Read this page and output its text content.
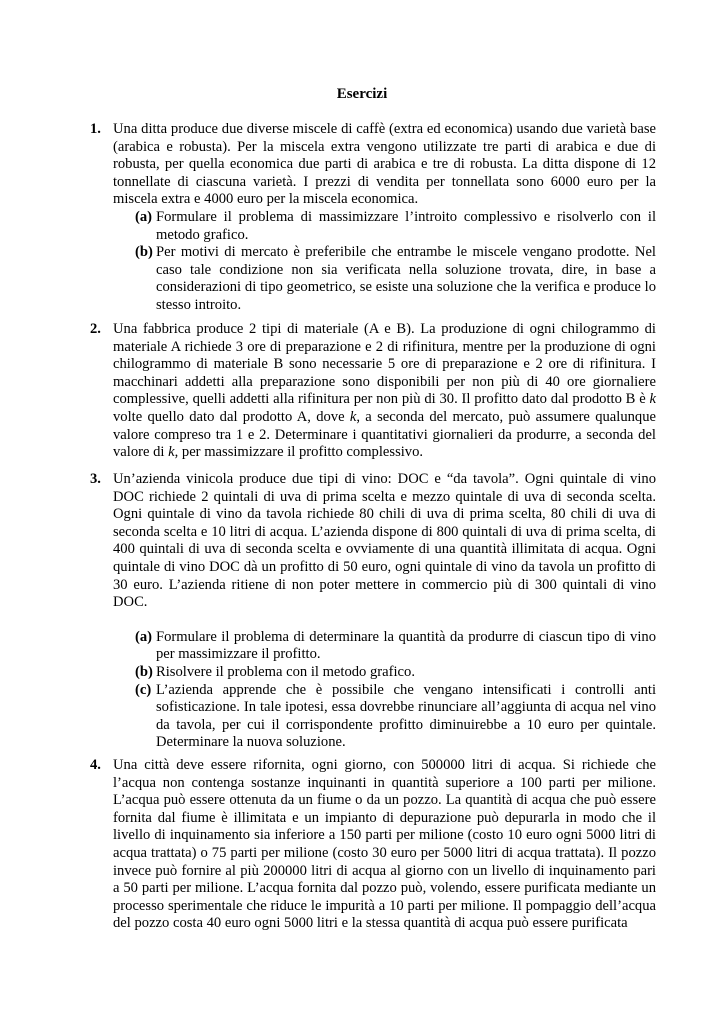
Esercizi
1. Una ditta produce due diverse miscele di caffè (extra ed economica) usando due varietà base (arabica e robusta). Per la miscela extra vengono utilizzate tre parti di arabica e due di robusta, per quella economica due parti di arabica e tre di robusta. La ditta dispone di 12 tonnellate di ciascuna varietà. I prezzi di vendita per tonnellata sono 6000 euro per la miscela extra e 4000 euro per la miscela economica.
(a) Formulare il problema di massimizzare l’introito complessivo e risolverlo con il metodo grafico.
(b) Per motivi di mercato è preferibile che entrambe le miscele vengano prodotte. Nel caso tale condizione non sia verificata nella soluzione trovata, dire, in base a considerazioni di tipo geometrico, se esiste una soluzione che la verifica e produce lo stesso introito.
2. Una fabbrica produce 2 tipi di materiale (A e B). La produzione di ogni chilogrammo di materiale A richiede 3 ore di preparazione e 2 di rifinitura, mentre per la produzione di ogni chilogrammo di materiale B sono necessarie 5 ore di preparazione e 2 ore di rifinitura. I macchinari addetti alla preparazione sono disponibili per non più di 40 ore giornaliere complessive, quelli addetti alla rifinitura per non più di 30. Il profitto dato dal prodotto B è k volte quello dato dal prodotto A, dove k, a seconda del mercato, può assumere qualunque valore compreso tra 1 e 2. Determinare i quantitativi giornalieri da produrre, a seconda del valore di k, per massimizzare il profitto complessivo.
3. Un’azienda vinicola produce due tipi di vino: DOC e “da tavola”. Ogni quintale di vino DOC richiede 2 quintali di uva di prima scelta e mezzo quintale di uva di seconda scelta. Ogni quintale di vino da tavola richiede 80 chili di uva di prima scelta, 80 chili di uva di seconda scelta e 10 litri di acqua. L’azienda dispone di 800 quintali di uva di prima scelta, di 400 quintali di uva di seconda scelta e ovviamente di una quantità illimitata di acqua. Ogni quintale di vino DOC dà un profitto di 50 euro, ogni quintale di vino da tavola un profitto di 30 euro. L’azienda ritiene di non poter mettere in commercio più di 300 quintali di vino DOC.
(a) Formulare il problema di determinare la quantità da produrre di ciascun tipo di vino per massimizzare il profitto.
(b) Risolvere il problema con il metodo grafico.
(c) L’azienda apprende che è possibile che vengano intensificati i controlli anti sofisticazione. In tale ipotesi, essa dovrebbe rinunciare all’aggiunta di acqua nel vino da tavola, per cui il corrispondente profitto diminuirebbe a 10 euro per quintale. Determinare la nuova soluzione.
4. Una città deve essere rifornita, ogni giorno, con 500000 litri di acqua. Si richiede che l’acqua non contenga sostanze inquinanti in quantità superiore a 100 parti per milione. L’acqua può essere ottenuta da un fiume o da un pozzo. La quantità di acqua che può essere fornita dal fiume è illimitata e un impianto di depurazione può depurarla in modo che il livello di inquinamento sia inferiore a 150 parti per milione (costo 10 euro ogni 5000 litri di acqua trattata) o 75 parti per milione (costo 30 euro per 5000 litri di acqua trattata). Il pozzo invece può fornire al più 200000 litri di acqua al giorno con un livello di inquinamento pari a 50 parti per milione. L’acqua fornita dal pozzo può, volendo, essere purificata mediante un processo sperimentale che riduce le impurità a 10 parti per milione. Il pompaggio dell’acqua del pozzo costa 40 euro ogni 5000 litri e la stessa quantità di acqua può essere purificata
